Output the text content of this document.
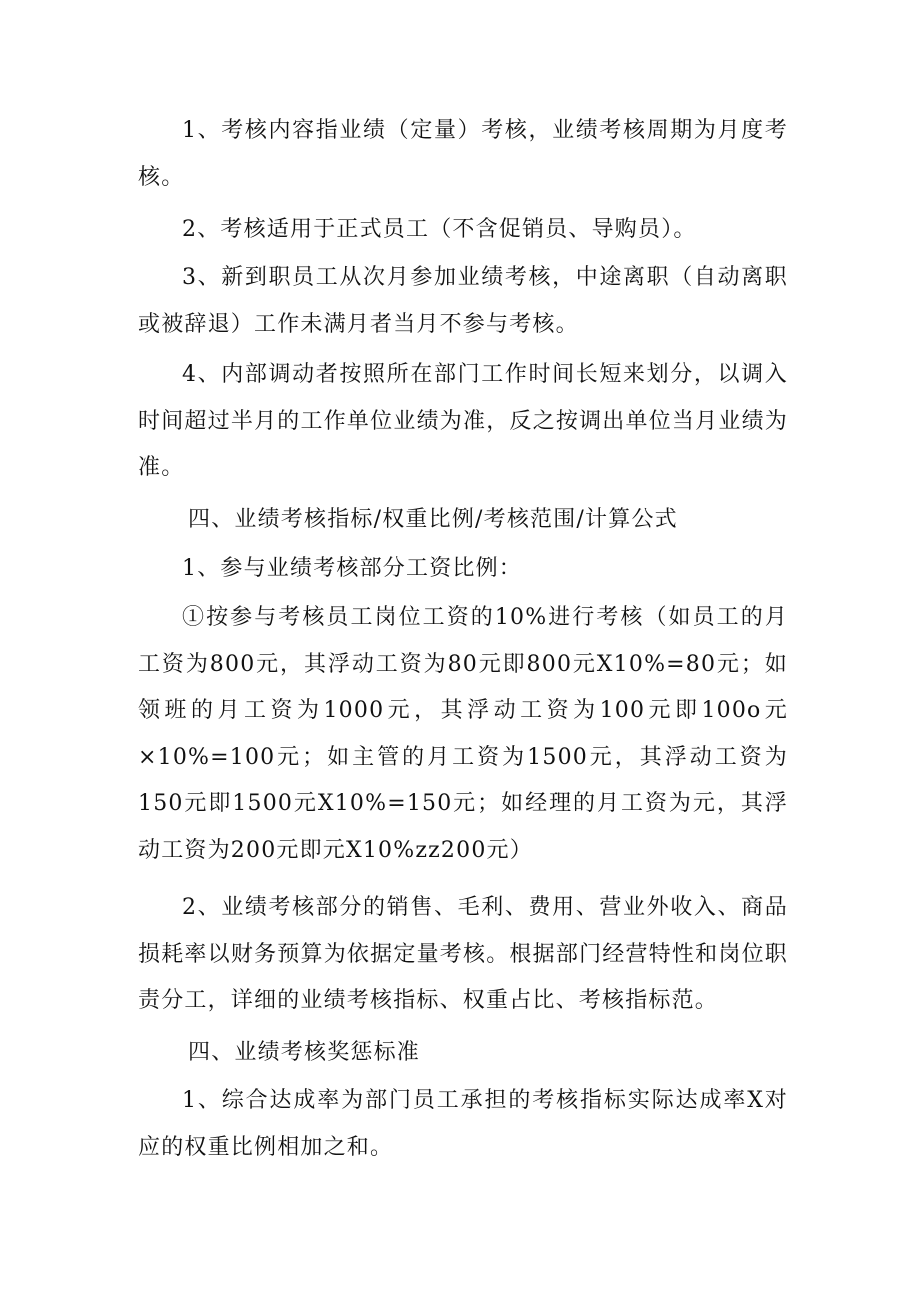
1、考核内容指业绩（定量）考核，业绩考核周期为月度考核。

2、考核适用于正式员工（不含促销员、导购员）。

3、新到职员工从次月参加业绩考核，中途离职（自动离职或被辞退）工作未满月者当月不参与考核。

4、内部调动者按照所在部门工作时间长短来划分，以调入时间超过半月的工作单位业绩为准，反之按调出单位当月业绩为准。

四、业绩考核指标/权重比例/考核范围/计算公式

1、参与业绩考核部分工资比例：

①按参与考核员工岗位工资的10%进行考核（如员工的月工资为800元，其浮动工资为80元即800元X10%=80元；如领班的月工资为1000元，其浮动工资为100元即100o元×10%=100元；如主管的月工资为1500元，其浮动工资为150元即1500元X10%=150元；如经理的月工资为元，其浮动工资为200元即元X10%zz200元）

2、业绩考核部分的销售、毛利、费用、营业外收入、商品损耗率以财务预算为依据定量考核。根据部门经营特性和岗位职责分工，详细的业绩考核指标、权重占比、考核指标范。

四、业绩考核奖惩标准

1、综合达成率为部门员工承担的考核指标实际达成率X对应的权重比例相加之和。
